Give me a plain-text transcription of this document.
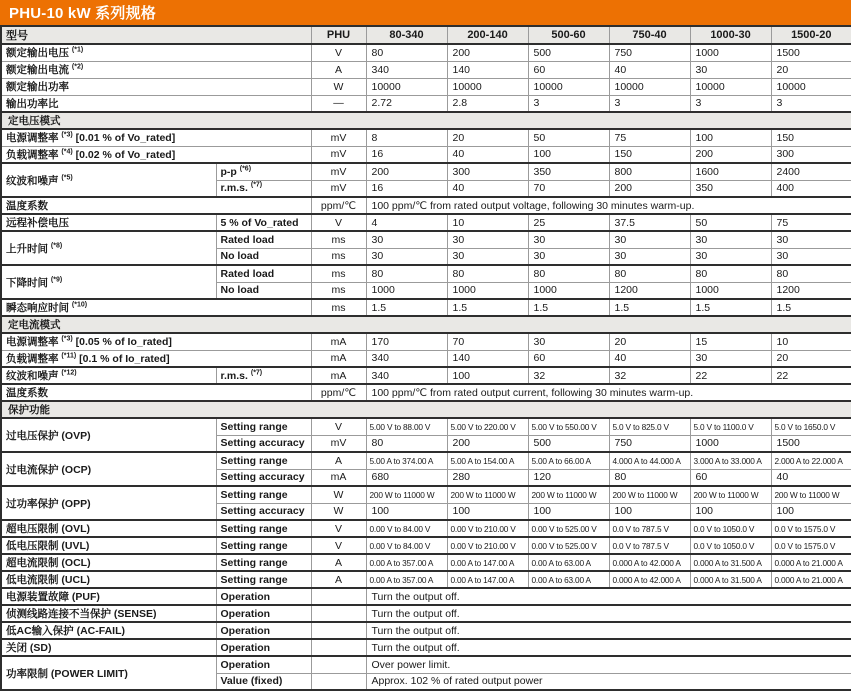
PHU-10 kW 系列规格
型号		PHU	80-340	200-140	500-60	750-40	1000-30	1500-20
额定输出电压 $^{(*1)}$		V	80	200	500	750	1000	1500
额定输出电流 $^{(*2)}$		A	340	140	60	40	30	20
额定输出功率		W	10000	10000	10000	10000	10000	10000
输出功率比		—	2.72	2.8	3	3	3	3
定电压模式								
电源调整率 $^{(*3)}$ [0.01 % of Vo_rated]		mV	8	20	50	75	100	150
负载调整率 $^{(*4)}$ [0.02 % of Vo_rated]		mV	16	40	100	150	200	300
纹波和噪声 $^{(*5)}$	p-p $^{(*6)}$	mV	200	300	350	800	1600	2400
	r.m.s. $^{(*7)}$	mV	16	40	70	200	350	400
温度系数		ppm/℃	100 ppm/℃ from rated output voltage, following 30 minutes warm-up.					
远程补偿电压	5 % of Vo_rated	V	4	10	25	37.5	50	75
上升时间 $^{(*8)}$	Rated load	ms	30	30	30	30	30	30
	No load	ms	30	30	30	30	30	30
下降时间 $^{(*9)}$	Rated load	ms	80	80	80	80	80	80
	No load	ms	1000	1000	1000	1200	1000	1200
瞬态响应时间 $^{(*10)}$		ms	1.5	1.5	1.5	1.5	1.5	1.5
定电流模式								
电源调整率 $^{(*3)}$ [0.05 % of Io_rated]		mA	170	70	30	20	15	10
负载调整率 $^{(*11)}$ [0.1 % of Io_rated]		mA	340	140	60	40	30	20
纹波和噪声 $^{(*12)}$	r.m.s. $^{(*7)}$	mA	340	100	32	32	22	22
温度系数		ppm/℃	100 ppm/℃ from rated output current, following 30 minutes warm-up.					
保护功能								
过电压保护 (OVP)	Setting range	V	5.00 V to 88.00 V	5.00 V to 220.00 V	5.00 V to 550.00 V	5.0 V to 825.0 V	5.0 V to 1100.0 V	5.0 V to 1650.0 V
	Setting accuracy	mV	80	200	500	750	1000	1500
过电流保护 (OCP)	Setting range	A	5.00 A to 374.00 A	5.00 A to 154.00 A	5.00 A to 66.00 A	4.000 A to 44.000 A	3.000 A to 33.000 A	2.000 A to 22.000 A
	Setting accuracy	mA	680	280	120	80	60	40
过功率保护 (OPP)	Setting range	W	200 W to 11000 W	200 W to 11000 W	200 W to 11000 W	200 W to 11000 W	200 W to 11000 W	200 W to 11000 W
	Setting accuracy	W	100	100	100	100	100	100
超电压限制 (OVL)	Setting range	V	0.00 V to 84.00 V	0.00 V to 210.00 V	0.00 V to 525.00 V	0.0 V to 787.5 V	0.0 V to 1050.0 V	0.0 V to 1575.0 V
低电压限制 (UVL)	Setting range	V	0.00 V to 84.00 V	0.00 V to 210.00 V	0.00 V to 525.00 V	0.0 V to 787.5 V	0.0 V to 1050.0 V	0.0 V to 1575.0 V
超电流限制 (OCL)	Setting range	A	0.00 A to 357.00 A	0.00 A to 147.00 A	0.00 A to 63.00 A	0.000 A to 42.000 A	0.000 A to 31.500 A	0.000 A to 21.000 A
低电流限制 (UCL)	Setting range	A	0.00 A to 357.00 A	0.00 A to 147.00 A	0.00 A to 63.00 A	0.000 A to 42.000 A	0.000 A to 31.500 A	0.000 A to 21.000 A
电源装置故障 (PUF)	Operation		Turn the output off.					
侦测线路连接不当保护 (SENSE)	Operation		Turn the output off.					
低AC输入保护 (AC-FAIL)	Operation		Turn the output off.					
关闭 (SD)	Operation		Turn the output off.					
功率限制 (POWER LIMIT)	Operation		Over power limit.					
	Value (fixed)		Approx. 102 % of rated output power					
